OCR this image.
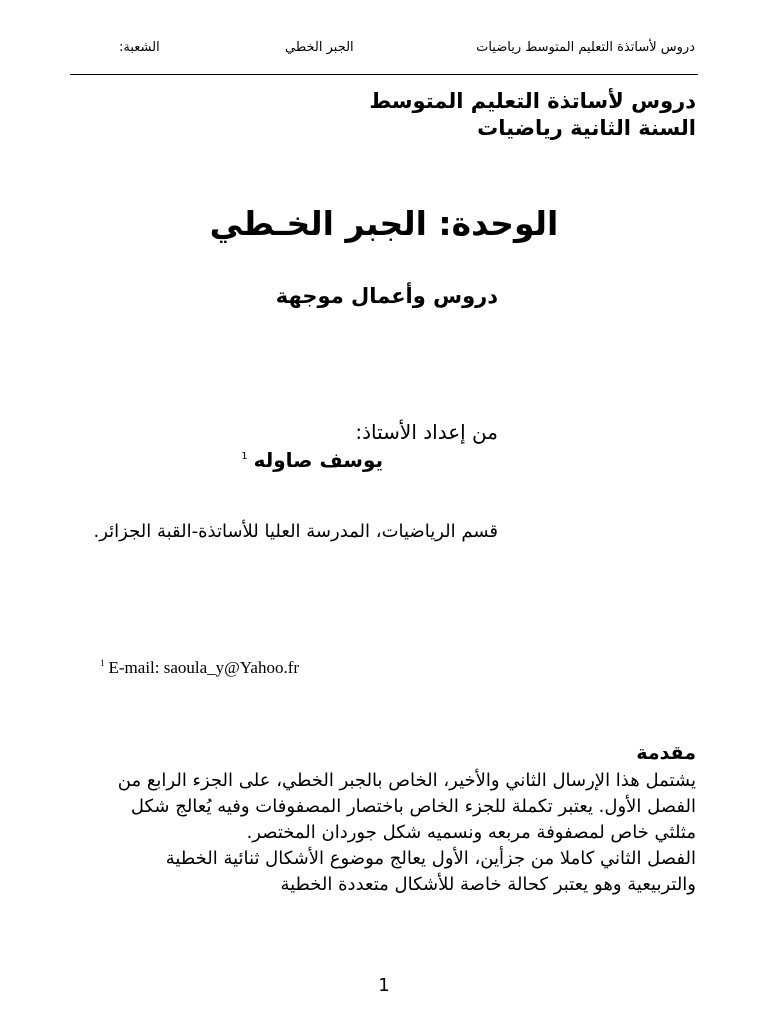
دروس لأساتذة التعليم المتوسط رياضيات
الجبر الخطي
الشعبة:
دروس لأساتذة التعليم المتوسط
السنة الثانية رياضيات
الوحدة: الجبر الخـطي
دروس وأعمال موجهة
من إعداد الأستاذ:
يوسف صاوله$^1$
قسم الرياضيات، المدرسة العليا للأساتذة-القبة الجزائر.
$^1$ E-mail: saoula_y@Yahoo.fr
مقدمة

يشتمل هذا الإرسال الثاني والأخير، الخاص بالجبر الخطي، على الجزء الرابع من الفصل الأول. يعتبر تكملة للجزء الخاص باختصار المصفوفات وفيه يُعالج شكل مثلثي خاص لمصفوفة مربعه ونسميه شكل جوردان المختصر.

الفصل الثاني كاملا من جزأين، الأول يعالج موضوع الأشكال ثنائية الخطية والتربيعية وهو يعتبر كحالة خاصة للأشكال متعددة الخطية

1
